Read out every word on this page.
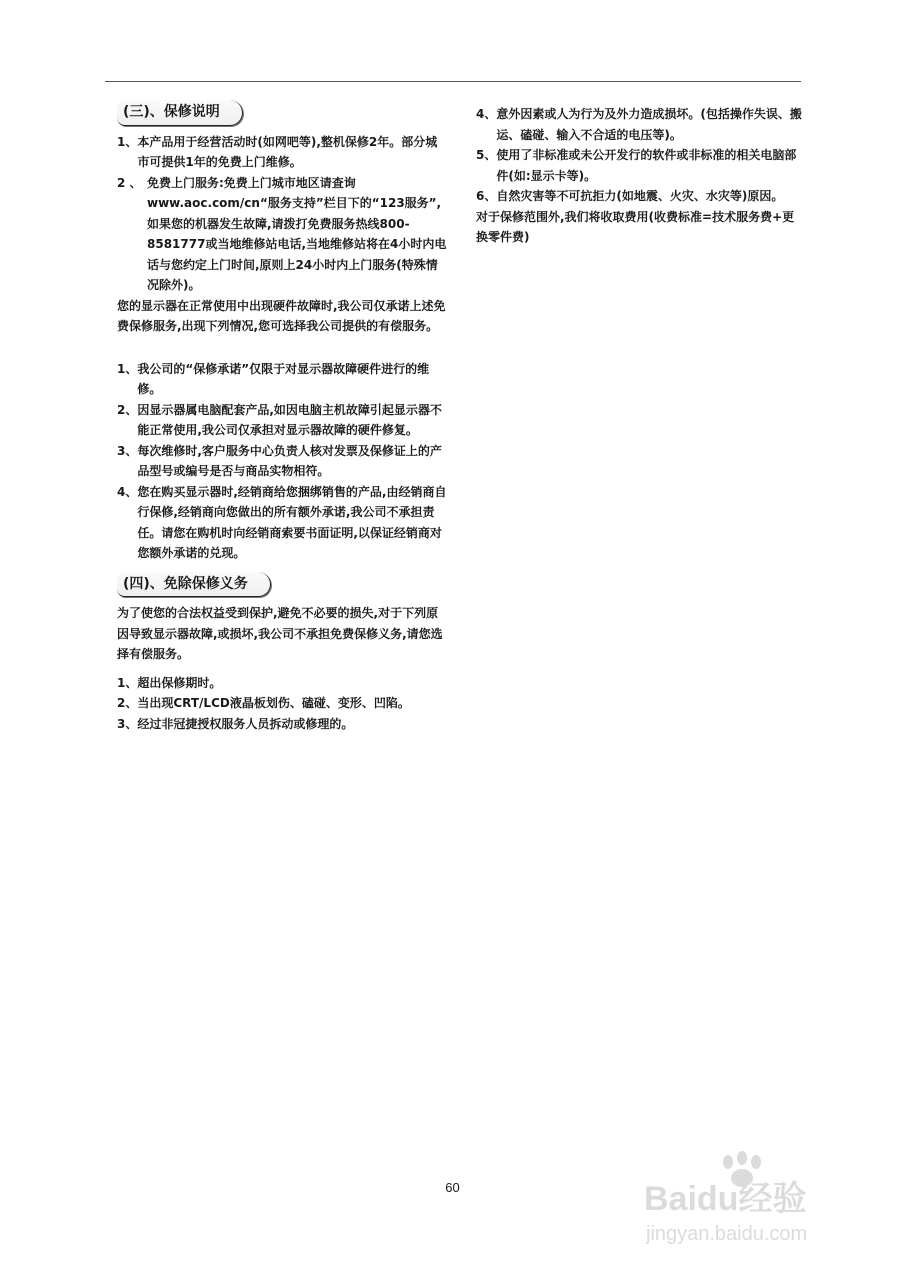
(三)、保修说明
1、 本产品用于经营活动时(如网吧等),整机保修2年。部分城市可提供1年的免费上门维修。
2 、 免费上门服务:免费上门城市地区请查询www.aoc.com/cn“服务支持”栏目下的“123服务”,如果您的机器发生故障,请拨打免费服务热线800-8581777或当地维修站电话,当地维修站将在4小时内电话与您约定上门时间,原则上24小时内上门服务(特殊情况除外)。

您的显示器在正常使用中出现硬件故障时,我公司仅承诺上述免费保修服务,出现下列情况,您可选择我公司提供的有偿服务。

1、 我公司的“保修承诺”仅限于对显示器故障硬件进行的维修。
2、 因显示器属电脑配套产品,如因电脑主机故障引起显示器不能正常使用,我公司仅承担对显示器故障的硬件修复。
3、 每次维修时,客户服务中心负责人核对发票及保修证上的产品型号或编号是否与商品实物相符。
4、 您在购买显示器时,经销商给您捆绑销售的产品,由经销商自行保修,经销商向您做出的所有额外承诺,我公司不承担责任。请您在购机时向经销商索要书面证明,以保证经销商对您额外承诺的兑现。
(四)、免除保修义务

为了使您的合法权益受到保护,避免不必要的损失,对于下列原因导致显示器故障,或损坏,我公司不承担免费保修义务,请您选择有偿服务。

1、 超出保修期时。
2、 当出现CRT/LCD液晶板划伤、磕碰、变形、凹陷。
3、 经过非冠捷授权服务人员拆动或修理的。
4、 意外因素或人为行为及外力造成损坏。(包括操作失误、搬运、磕碰、输入不合适的电压等)。
5、 使用了非标准或未公开发行的软件或非标准的相关电脑部件(如:显示卡等)。
6、 自然灾害等不可抗拒力(如地震、火灾、水灾等)原因。

对于保修范围外,我们将收取费用(收费标准=技术服务费+更换零件费)

60	Baidu经验
jingyan.baidu.com
